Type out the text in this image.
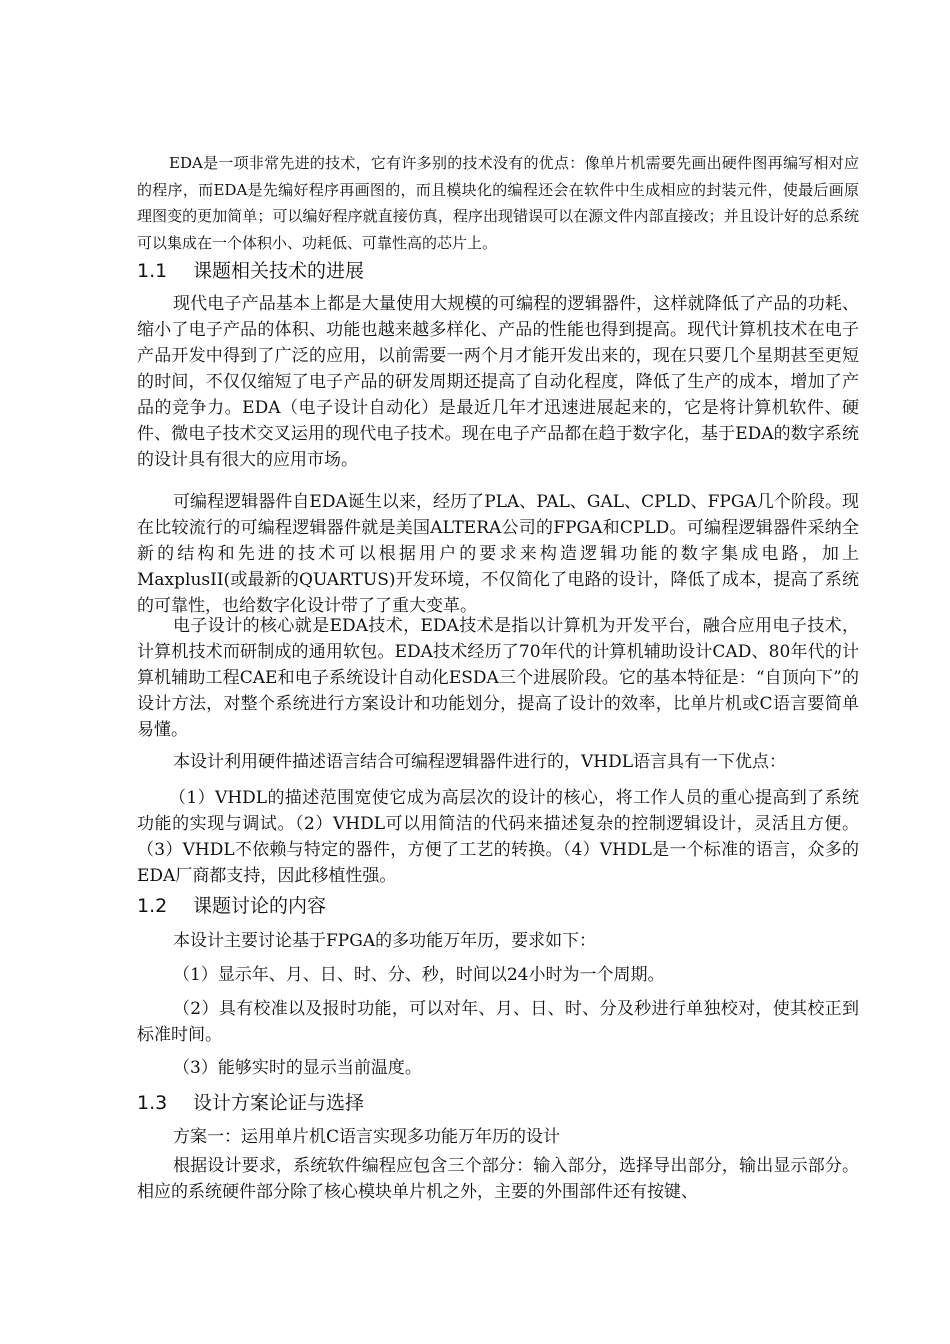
EDA是一项非常先进的技术，它有许多别的技术没有的优点：像单片机需要先画出硬件图再编写相对应的程序，而EDA是先编好程序再画图的，而且模块化的编程还会在软件中生成相应的封装元件，使最后画原理图变的更加简单；可以编好程序就直接仿真，程序出现错误可以在源文件内部直接改；并且设计好的总系统可以集成在一个体积小、功耗低、可靠性高的芯片上。

1.1 课题相关技术的进展

现代电子产品基本上都是大量使用大规模的可编程的逻辑器件，这样就降低了产品的功耗、缩小了电子产品的体积、功能也越来越多样化、产品的性能也得到提高。现代计算机技术在电子产品开发中得到了广泛的应用，以前需要一两个月才能开发出来的，现在只要几个星期甚至更短的时间，不仅仅缩短了电子产品的研发周期还提高了自动化程度，降低了生产的成本，增加了产品的竞争力。EDA（电子设计自动化）是最近几年才迅速进展起来的，它是将计算机软件、硬件、微电子技术交叉运用的现代电子技术。现在电子产品都在趋于数字化，基于EDA的数字系统的设计具有很大的应用市场。

可编程逻辑器件自EDA诞生以来，经历了PLA、PAL、GAL、CPLD、FPGA几个阶段。现在比较流行的可编程逻辑器件就是美国ALTERA公司的FPGA和CPLD。可编程逻辑器件采纳全新的结构和先进的技术可以根据用户的要求来构造逻辑功能的数字集成电路，加上MaxplusII(或最新的QUARTUS)开发环境，不仅简化了电路的设计，降低了成本，提高了系统的可靠性，也给数字化设计带了了重大变革。

电子设计的核心就是EDA技术，EDA技术是指以计算机为开发平台，融合应用电子技术，计算机技术而研制成的通用软包。EDA技术经历了70年代的计算机辅助设计CAD、80年代的计算机辅助工程CAE和电子系统设计自动化ESDA三个进展阶段。它的基本特征是：“自顶向下”的设计方法，对整个系统进行方案设计和功能划分，提高了设计的效率，比单片机或C语言要简单易懂。

本设计利用硬件描述语言结合可编程逻辑器件进行的，VHDL语言具有一下优点：

（1）VHDL的描述范围宽使它成为高层次的设计的核心，将工作人员的重心提高到了系统功能的实现与调试。（2）VHDL可以用简洁的代码来描述复杂的控制逻辑设计，灵活且方便。（3）VHDL不依赖与特定的器件，方便了工艺的转换。（4）VHDL是一个标准的语言，众多的EDA厂商都支持，因此移植性强。

1.2 课题讨论的内容

本设计主要讨论基于FPGA的多功能万年历，要求如下：

（1）显示年、月、日、时、分、秒，时间以24小时为一个周期。

（2）具有校准以及报时功能，可以对年、月、日、时、分及秒进行单独校对，使其校正到标准时间。

（3）能够实时的显示当前温度。

1.3 设计方案论证与选择

方案一：运用单片机C语言实现多功能万年历的设计

根据设计要求，系统软件编程应包含三个部分：输入部分，选择导出部分，输出显示部分。相应的系统硬件部分除了核心模块单片机之外，主要的外围部件还有按键、
